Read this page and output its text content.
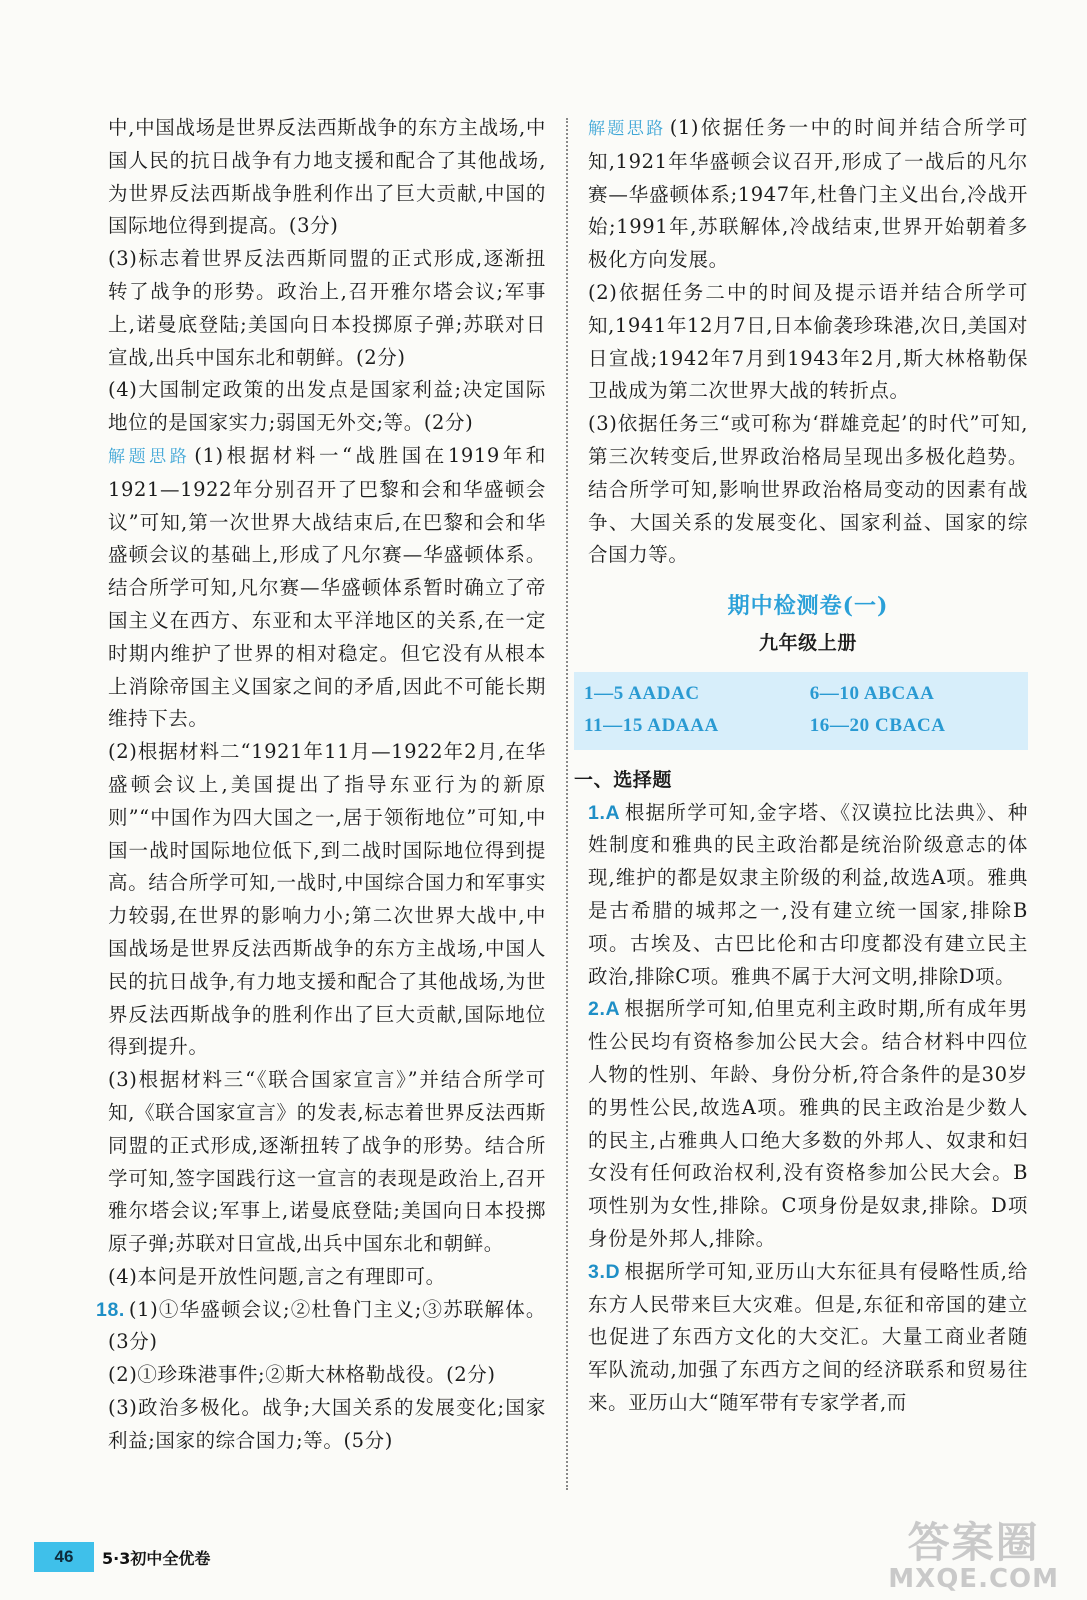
中,中国战场是世界反法西斯战争的东方主战场,中国人民的抗日战争有力地支援和配合了其他战场,为世界反法西斯战争胜利作出了巨大贡献,中国的国际地位得到提高。(3分)

(3)标志着世界反法西斯同盟的正式形成,逐渐扭转了战争的形势。政治上,召开雅尔塔会议;军事上,诺曼底登陆;美国向日本投掷原子弹;苏联对日宣战,出兵中国东北和朝鲜。(2分)

(4)大国制定政策的出发点是国家利益;决定国际地位的是国家实力;弱国无外交;等。(2分)

解题思路 (1)根据材料一“战胜国在1919年和1921—1922年分别召开了巴黎和会和华盛顿会议”可知,第一次世界大战结束后,在巴黎和会和华盛顿会议的基础上,形成了凡尔赛—华盛顿体系。结合所学可知,凡尔赛—华盛顿体系暂时确立了帝国主义在西方、东亚和太平洋地区的关系,在一定时期内维护了世界的相对稳定。但它没有从根本上消除帝国主义国家之间的矛盾,因此不可能长期维持下去。

(2)根据材料二“1921年11月—1922年2月,在华盛顿会议上,美国提出了指导东亚行为的新原则”“中国作为四大国之一,居于领衔地位”可知,中国一战时国际地位低下,到二战时国际地位得到提高。结合所学可知,一战时,中国综合国力和军事实力较弱,在世界的影响力小;第二次世界大战中,中国战场是世界反法西斯战争的东方主战场,中国人民的抗日战争,有力地支援和配合了其他战场,为世界反法西斯战争的胜利作出了巨大贡献,国际地位得到提升。

(3)根据材料三“《联合国家宣言》”并结合所学可知,《联合国家宣言》的发表,标志着世界反法西斯同盟的正式形成,逐渐扭转了战争的形势。结合所学可知,签字国践行这一宣言的表现是政治上,召开雅尔塔会议;军事上,诺曼底登陆;美国向日本投掷原子弹;苏联对日宣战,出兵中国东北和朝鲜。

(4)本问是开放性问题,言之有理即可。

18. (1)①华盛顿会议;②杜鲁门主义;③苏联解体。(3分)

(2)①珍珠港事件;②斯大林格勒战役。(2分)

(3)政治多极化。战争;大国关系的发展变化;国家利益;国家的综合国力;等。(5分)

解题思路 (1)依据任务一中的时间并结合所学可知,1921年华盛顿会议召开,形成了一战后的凡尔赛—华盛顿体系;1947年,杜鲁门主义出台,冷战开始;1991年,苏联解体,冷战结束,世界开始朝着多极化方向发展。

(2)依据任务二中的时间及提示语并结合所学可知,1941年12月7日,日本偷袭珍珠港,次日,美国对日宣战;1942年7月到1943年2月,斯大林格勒保卫战成为第二次世界大战的转折点。

(3)依据任务三“或可称为‘群雄竞起’的时代”可知,第三次转变后,世界政治格局呈现出多极化趋势。结合所学可知,影响世界政治格局变动的因素有战争、大国关系的发展变化、国家利益、国家的综合国力等。

期中检测卷(一)
九年级上册
1—5 AADAC	6—10 ABCAA
11—15 ADAAA	16—20 CBACA
一、选择题

1.A 根据所学可知,金字塔、《汉谟拉比法典》、种姓制度和雅典的民主政治都是统治阶级意志的体现,维护的都是奴隶主阶级的利益,故选A项。雅典是古希腊的城邦之一,没有建立统一国家,排除B项。古埃及、古巴比伦和古印度都没有建立民主政治,排除C项。雅典不属于大河文明,排除D项。

2.A 根据所学可知,伯里克利主政时期,所有成年男性公民均有资格参加公民大会。结合材料中四位人物的性别、年龄、身份分析,符合条件的是30岁的男性公民,故选A项。雅典的民主政治是少数人的民主,占雅典人口绝大多数的外邦人、奴隶和妇女没有任何政治权利,没有资格参加公民大会。B项性别为女性,排除。C项身份是奴隶,排除。D项身份是外邦人,排除。

3.D 根据所学可知,亚历山大东征具有侵略性质,给东方人民带来巨大灾难。但是,东征和帝国的建立也促进了东西方文化的大交汇。大量工商业者随军队流动,加强了东西方之间的经济联系和贸易往来。亚历山大“随军带有专家学者,而

46	5·3初中全优卷	答案圈
MXQE.COM
